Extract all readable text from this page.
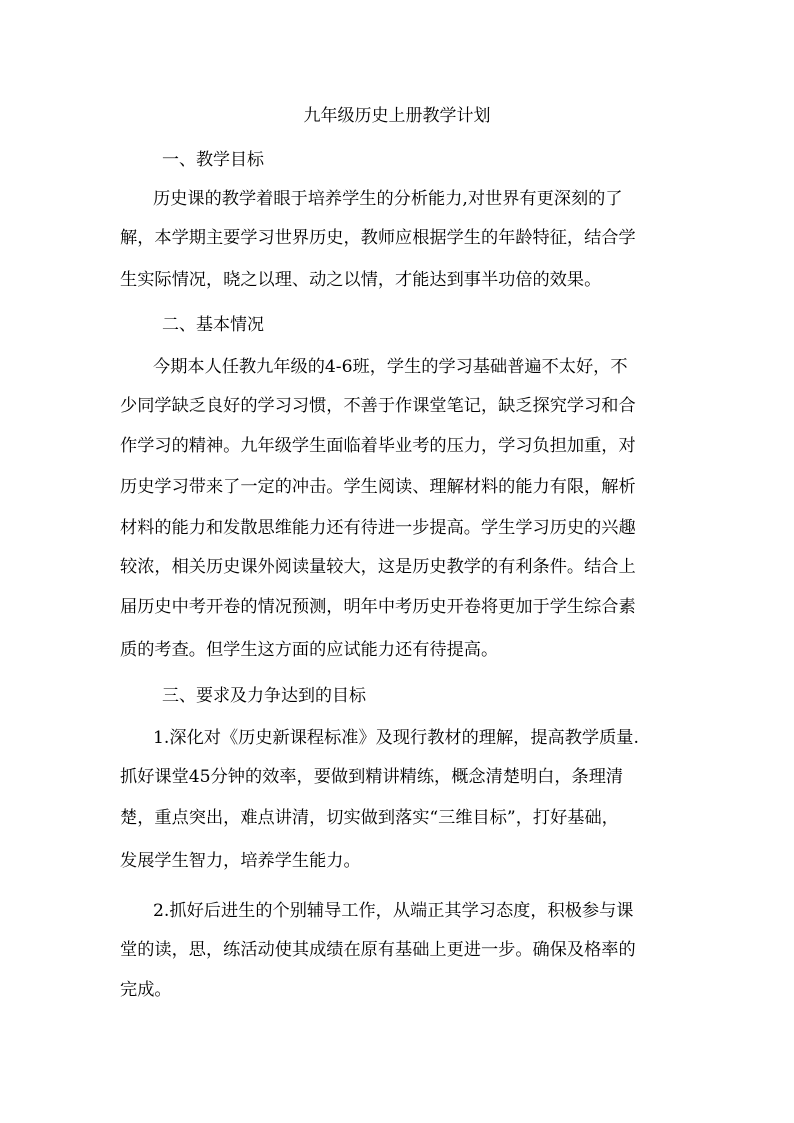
九年级历史上册教学计划
一、教学目标
历史课的教学着眼于培养学生的分析能力,对世界有更深刻的了
解，本学期主要学习世界历史，教师应根据学生的年龄特征，结合学
生实际情况，晓之以理、动之以情，才能达到事半功倍的效果。
二、基本情况
今期本人任教九年级的4-6班，学生的学习基础普遍不太好，不
少同学缺乏良好的学习习惯，不善于作课堂笔记，缺乏探究学习和合
作学习的精神。九年级学生面临着毕业考的压力，学习负担加重，对
历史学习带来了一定的冲击。学生阅读、理解材料的能力有限，解析
材料的能力和发散思维能力还有待进一步提高。学生学习历史的兴趣
较浓，相关历史课外阅读量较大，这是历史教学的有利条件。结合上
届历史中考开卷的情况预测，明年中考历史开卷将更加于学生综合素
质的考查。但学生这方面的应试能力还有待提高。
三、要求及力争达到的目标
1.深化对《历史新课程标准》及现行教材的理解，提高教学质量.
抓好课堂45分钟的效率，要做到精讲精练，概念清楚明白，条理清
楚，重点突出，难点讲清，切实做到落实“三维目标”，打好基础，
发展学生智力，培养学生能力。
2.抓好后进生的个别辅导工作，从端正其学习态度，积极参与课
堂的读，思，练活动使其成绩在原有基础上更进一步。确保及格率的
完成。
